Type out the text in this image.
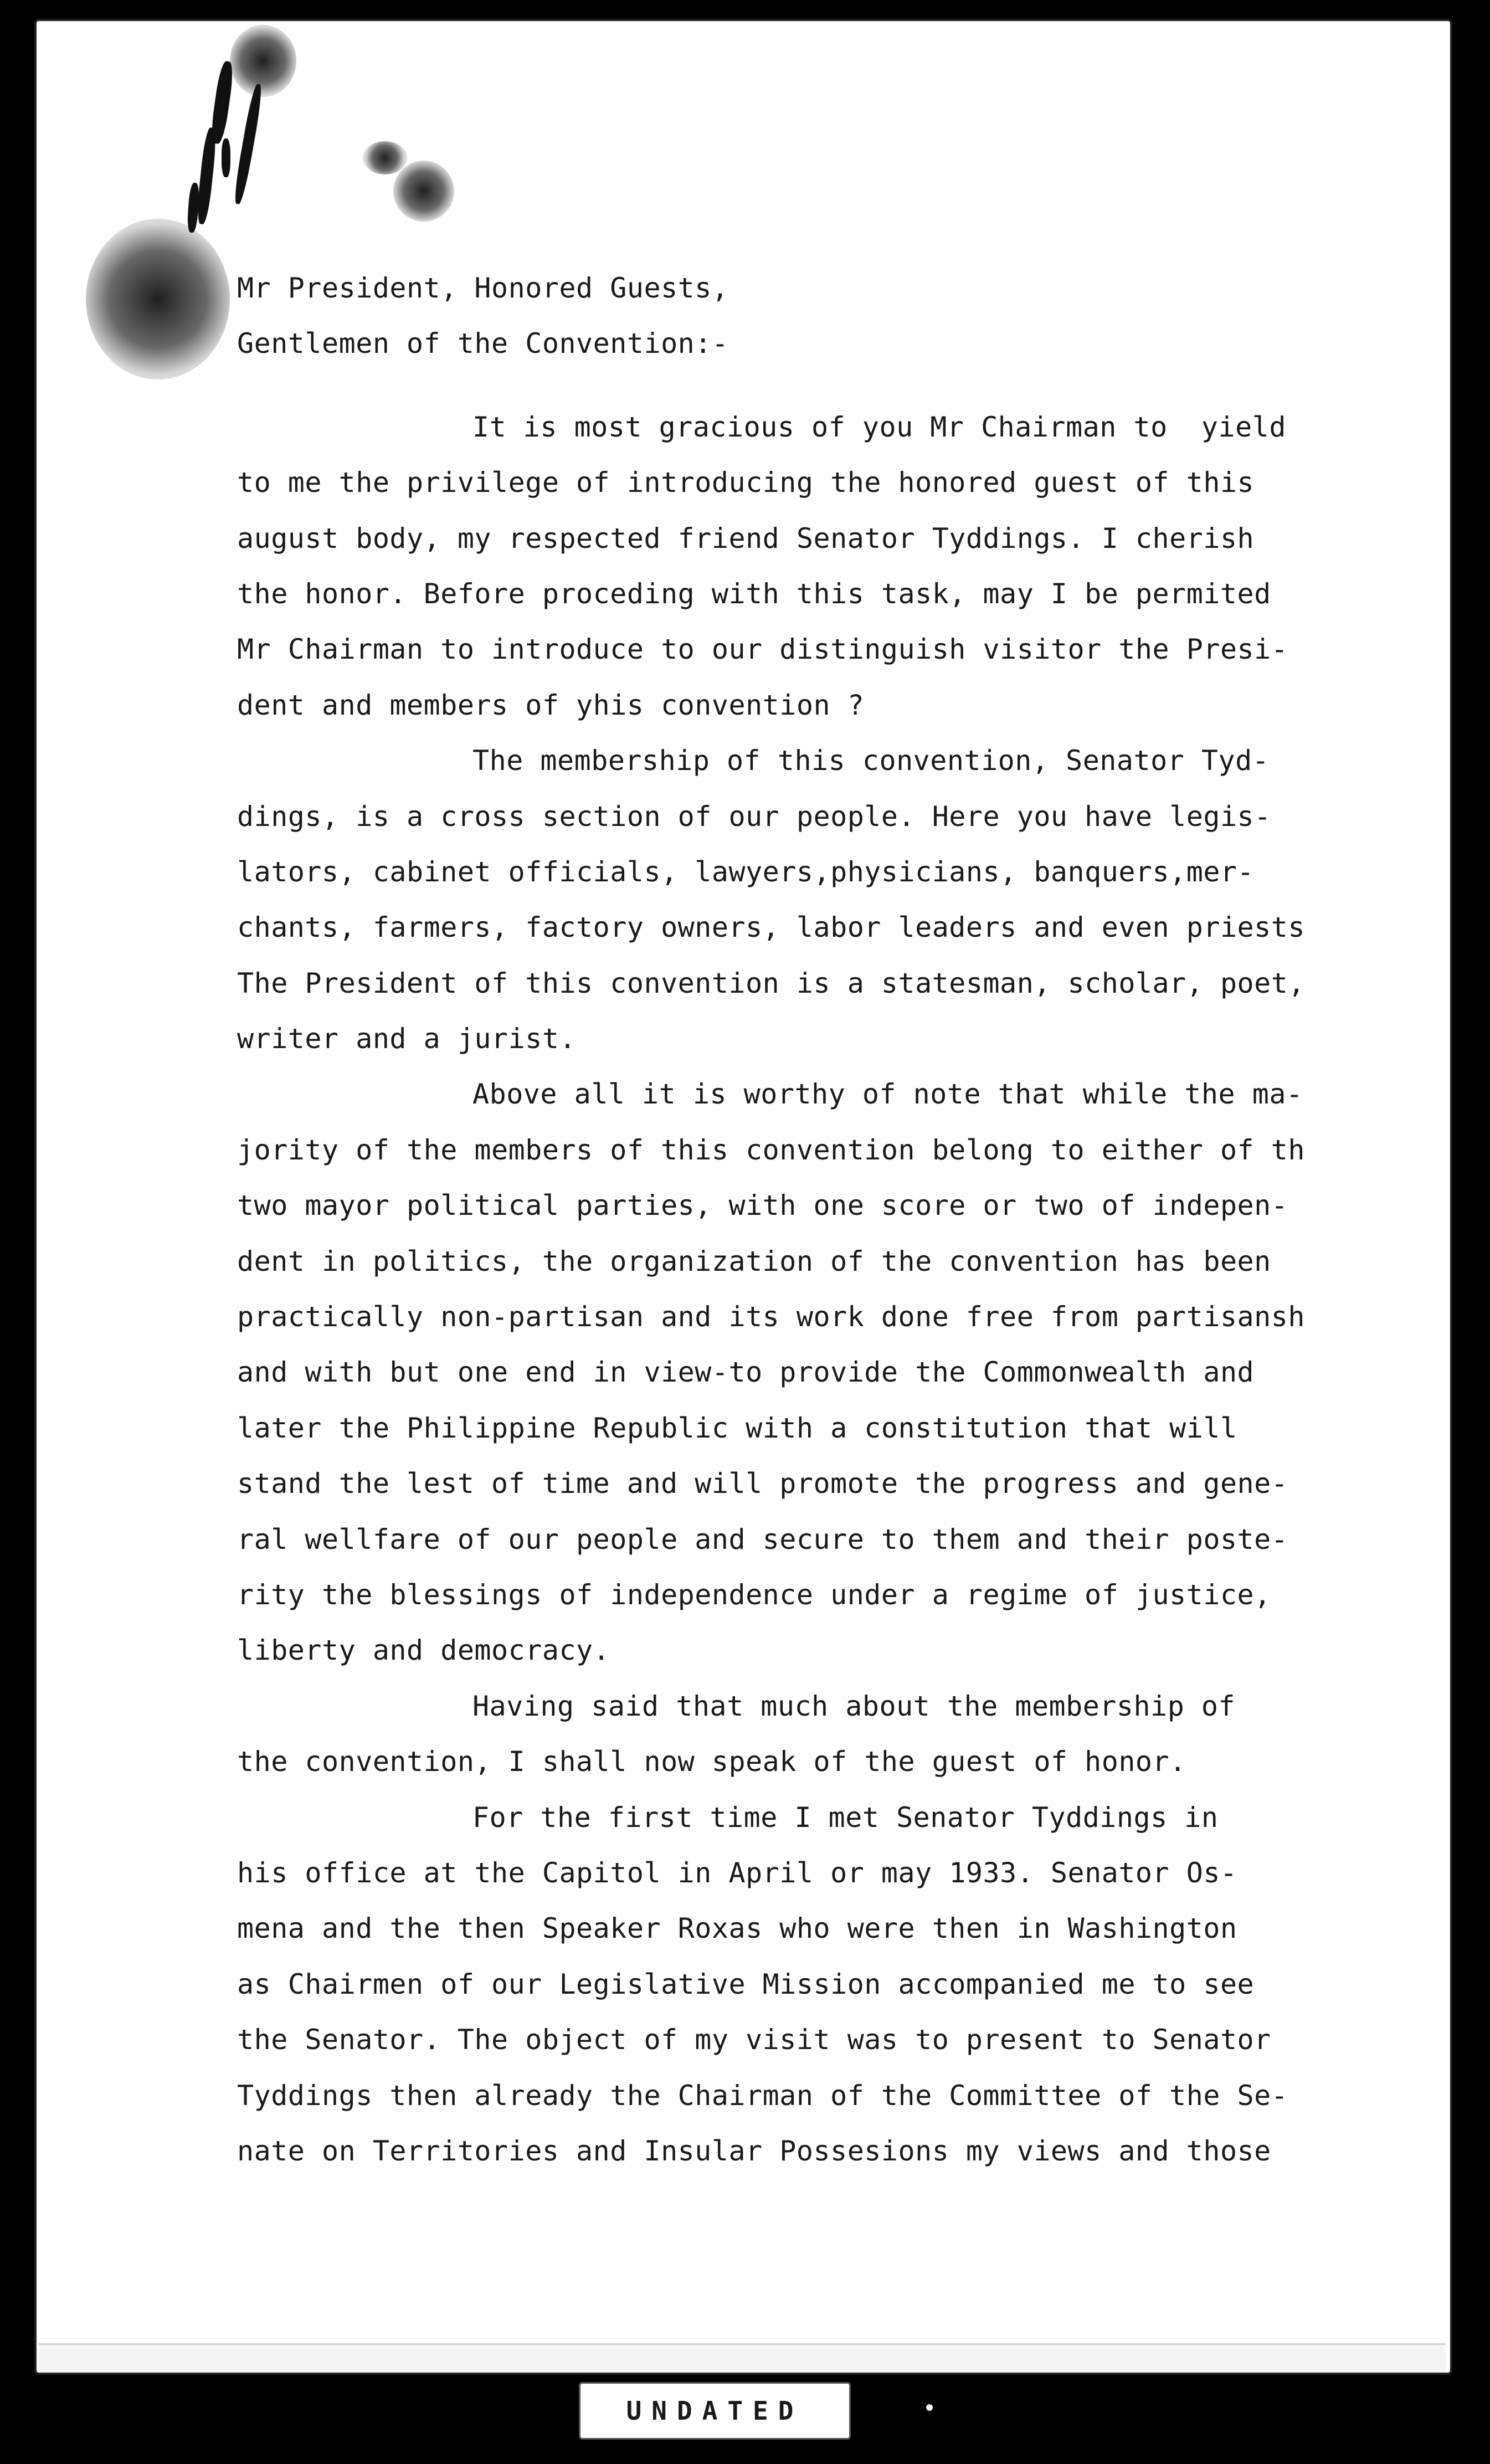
Mr President, Honored Guests,
Gentlemen of the Convention:-
It is most gracious of you Mr Chairman to  yield
to me the privilege of introducing the honored guest of this
august body, my respected friend Senator Tyddings. I cherish
the honor. Before proceding with this task, may I be permited
Mr Chairman to introduce to our distinguish visitor the Presi-
dent and members of yhis convention ?
The membership of this convention, Senator Tyd-
dings, is a cross section of our people. Here you have legis-
lators, cabinet officials, lawyers,physicians, banquers,mer-
chants, farmers, factory owners, labor leaders and even priests
The President of this convention is a statesman, scholar, poet,
writer and a jurist.
Above all it is worthy of note that while the ma-
jority of the members of this convention belong to either of th
two mayor political parties, with one score or two of indepen-
dent in politics, the organization of the convention has been
practically non-partisan and its work done free from partisansh
and with but one end in view-to provide the Commonwealth and
later the Philippine Republic with a constitution that will
stand the lest of time and will promote the progress and gene-
ral wellfare of our people and secure to them and their poste-
rity the blessings of independence under a regime of justice,
liberty and democracy.
Having said that much about the membership of
the convention, I shall now speak of the guest of honor.
For the first time I met Senator Tyddings in
his office at the Capitol in April or may 1933. Senator Os-
mena and the then Speaker Roxas who were then in Washington
as Chairmen of our Legislative Mission accompanied me to see
the Senator. The object of my visit was to present to Senator
Tyddings then already the Chairman of the Committee of the Se-
nate on Territories and Insular Possesions my views and those
UNDATED
